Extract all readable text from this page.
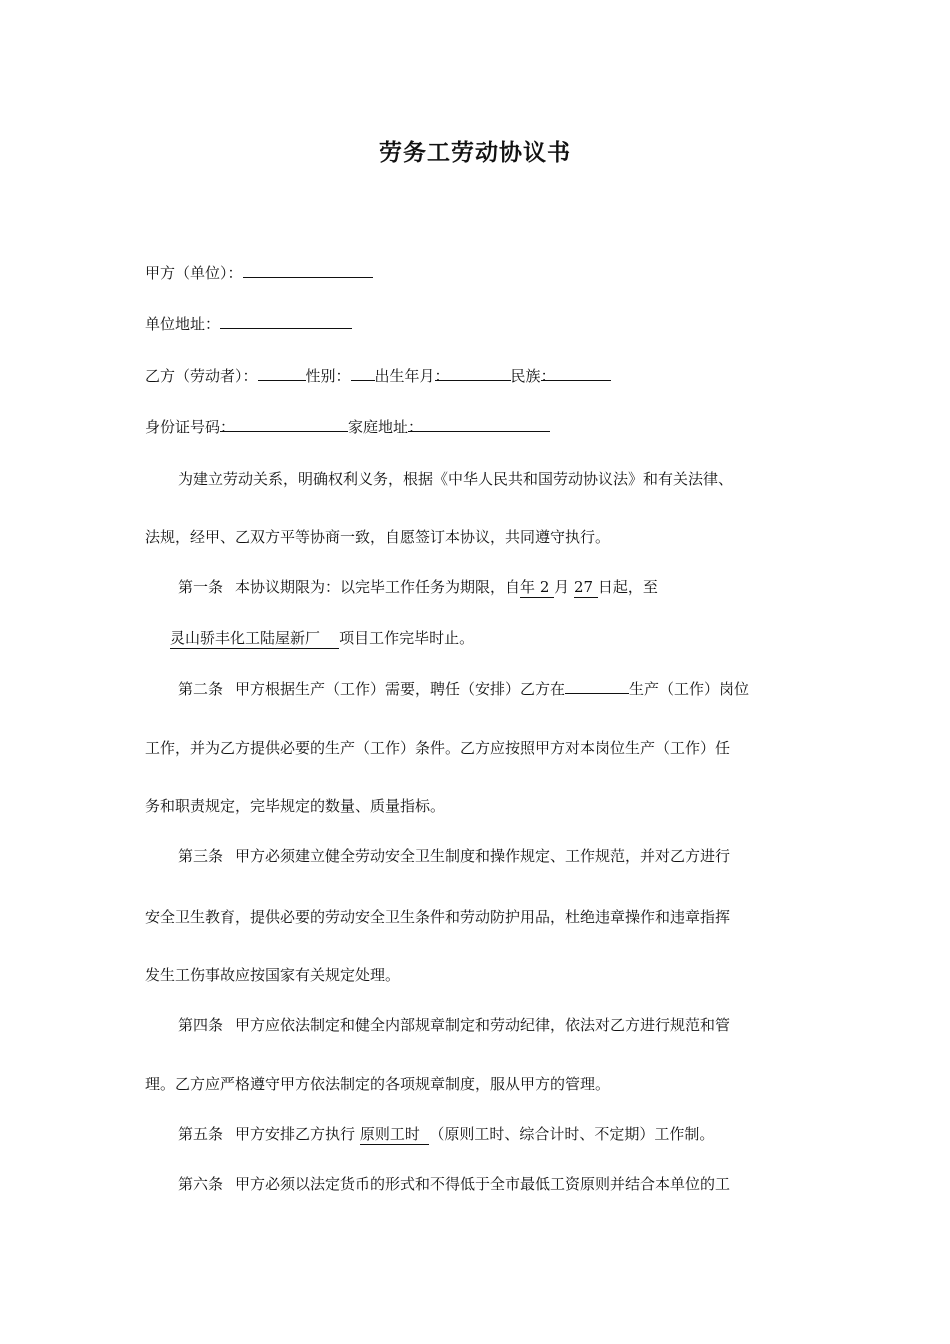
劳务工劳动协议书
甲方（单位）：
单位地址：
乙方（劳动者）：	性别： 出生年月：	民族：
身份证号码：	家庭地址：
为建立劳动关系，明确权利义务，根据《中华人民共和国劳动协议法》和有关法律、
法规，经甲、乙双方平等协商一致，自愿签订本协议，共同遵守执行。
第一条 本协议期限为：以完毕工作任务为期限，自年 2 月 27 日起，至
灵山骄丰化工陆屋新厂 项目工作完毕时止。
第二条 甲方根据生产（工作）需要，聘任（安排）乙方在	生产（工作）岗位
工作，并为乙方提供必要的生产（工作）条件。乙方应按照甲方对本岗位生产（工作）任
务和职责规定，完毕规定的数量、质量指标。
第三条 甲方必须建立健全劳动安全卫生制度和操作规定、工作规范，并对乙方进行
安全卫生教育，提供必要的劳动安全卫生条件和劳动防护用品，杜绝违章操作和违章指挥
发生工伤事故应按国家有关规定处理。
第四条 甲方应依法制定和健全内部规章制定和劳动纪律，依法对乙方进行规范和管
理。乙方应严格遵守甲方依法制定的各项规章制度，服从甲方的管理。
第五条 甲方安排乙方执行 原则工时 （原则工时、综合计时、不定期）工作制。
第六条 甲方必须以法定货币的形式和不得低于全市最低工资原则并结合本单位的工
